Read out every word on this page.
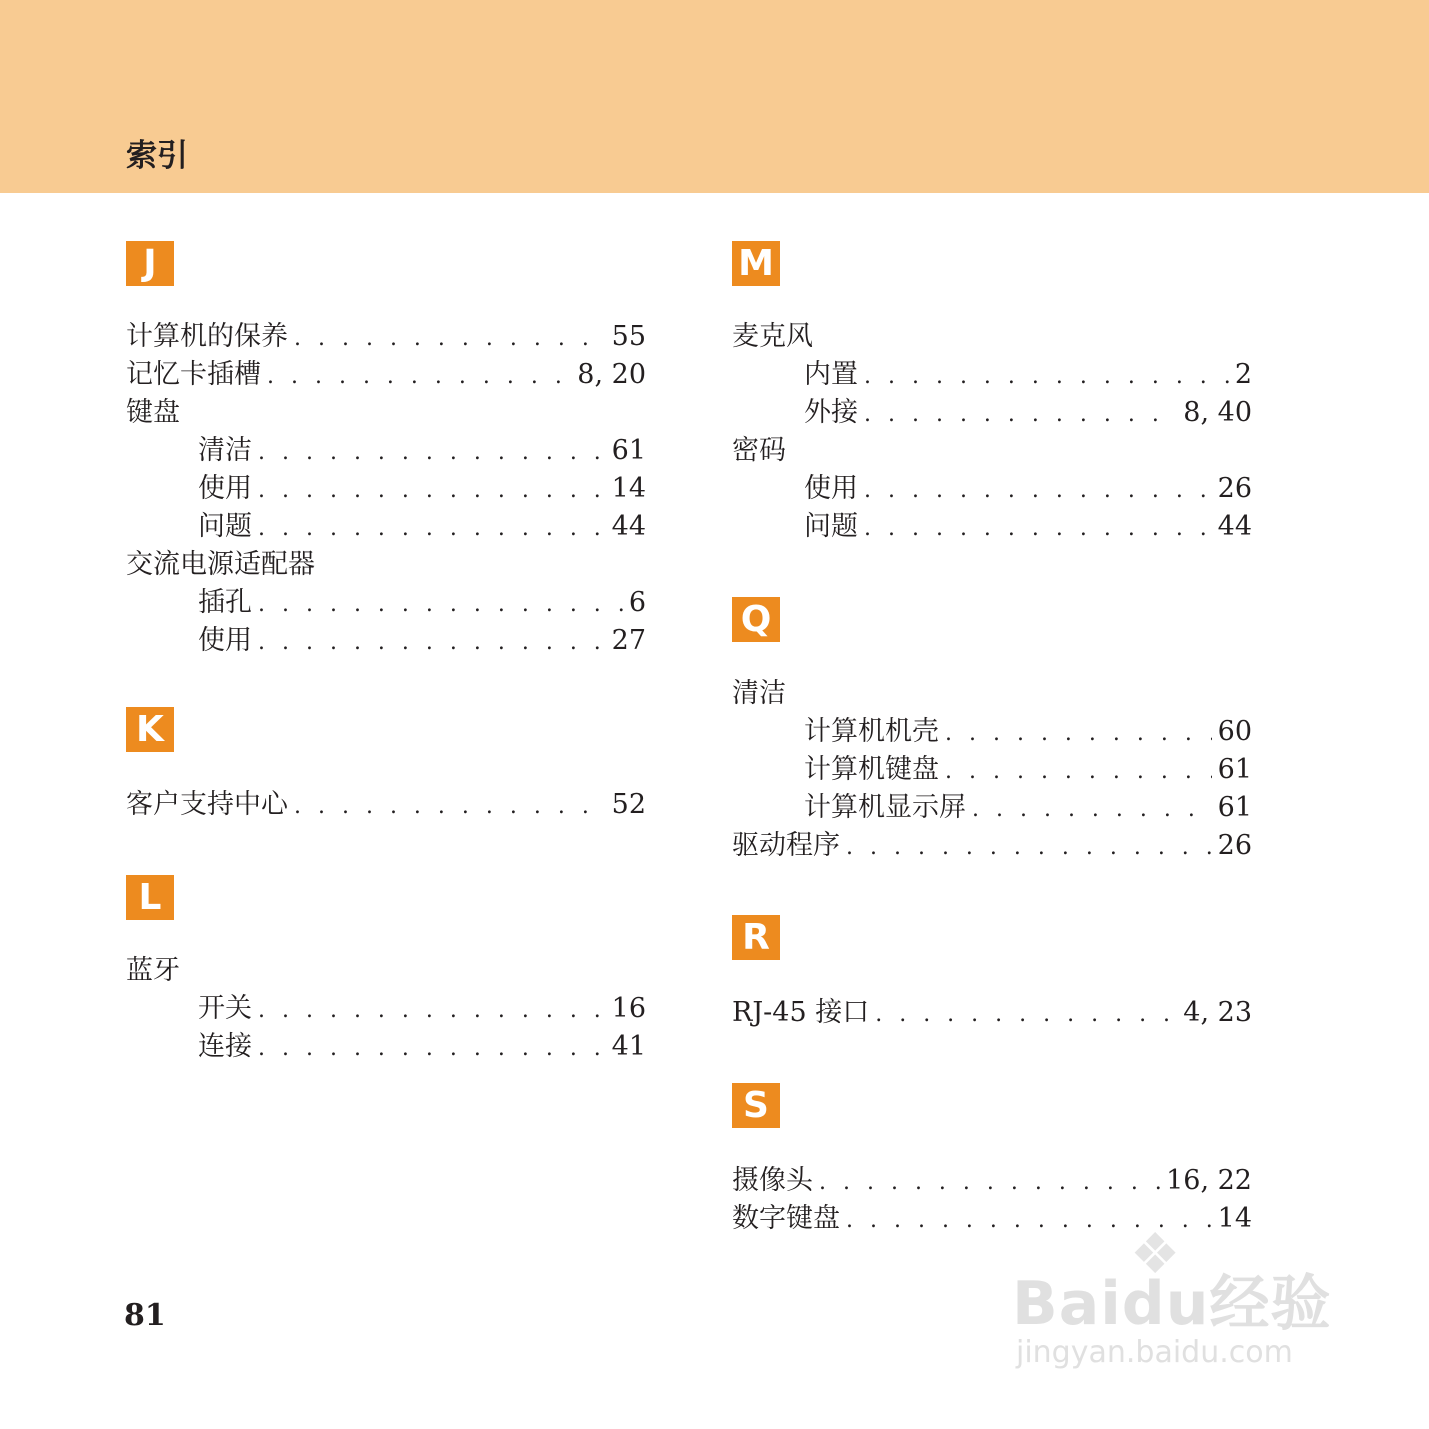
索引
J
计算机的保养 . . .	55
记忆卡插槽 . . .	8, 20
键盘
清洁 . . .	61
使用 . . .	14
问题 . . .	44
交流电源适配器
插孔 . . .	6
使用 . . .	27
K
客户支持中心 . . .	52
L
蓝牙
开关 . . .	16
连接 . . .	41
M
麦克风
内置 . . .	2
外接 . . .	8, 40
密码
使用 . . .	26
问题 . . .	44
Q
清洁
计算机机壳 . . .	60
计算机键盘 . . .	61
计算机显示屏 . . .	61
驱动程序 . . .	26
R
RJ-45 接口 . . .	4, 23
S
摄像头 . . .	16, 22
数字键盘 . . .	14
81
❖
Baidu经验
jingyan.baidu.com
